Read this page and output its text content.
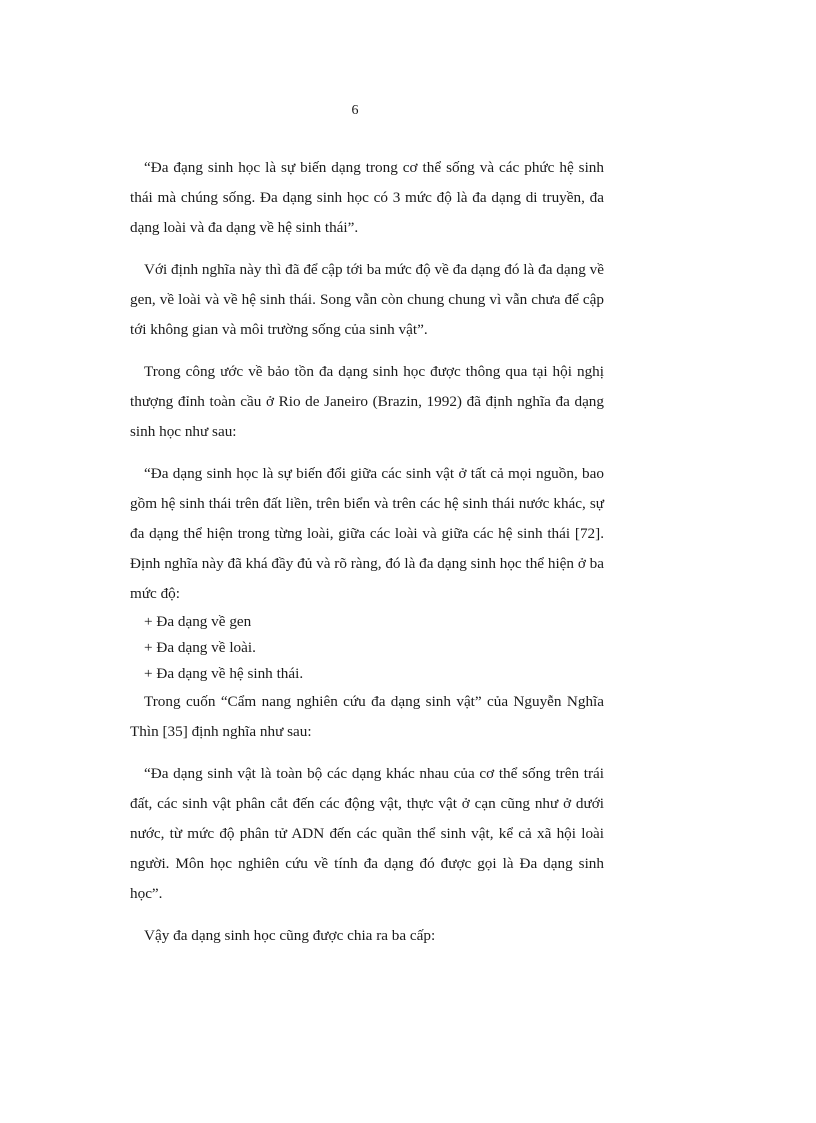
6

“Đa đạng sinh học là sự biến dạng trong cơ thể sống và các phức hệ sinh thái mà chúng sống. Đa dạng sinh học có 3 mức độ là đa dạng di truyền, đa dạng loài và đa dạng về hệ sinh thái”.

Với định nghĩa này thì đã để cập tới ba mức độ về đa dạng đó là đa dạng về gen, về loài và về hệ sinh thái. Song vẫn còn chung chung vì vẫn chưa để cập tới không gian và môi trường sống của sinh vật”.

Trong công ước về bảo tồn đa dạng sinh học được thông qua tại hội nghị thượng đỉnh toàn cầu ở Rio de Janeiro (Brazin, 1992) đã định nghĩa đa dạng sinh học như sau:

“Đa dạng sinh học là sự biến đổi giữa các sinh vật ở tất cả mọi nguồn, bao gồm hệ sinh thái trên đất liền, trên biển và trên các hệ sinh thái nước khác, sự đa dạng thể hiện trong từng loài, giữa các loài và giữa các hệ sinh thái [72]. Định nghĩa này đã khá đầy đủ và rõ ràng, đó là đa dạng sinh học thể hiện ở ba mức độ:

+ Đa dạng về gen
+ Đa dạng về loài.
+ Đa dạng về hệ sinh thái.

Trong cuốn “Cẩm nang nghiên cứu đa dạng sinh vật” của Nguyễn Nghĩa Thìn [35] định nghĩa như sau:

“Đa dạng sinh vật là toàn bộ các dạng khác nhau của cơ thể sống trên trái đất, các sinh vật phân cắt đến các động vật, thực vật ở cạn cũng như ở dưới nước, từ mức độ phân tử ADN đến các quần thể sinh vật, kể cả xã hội loài người. Môn học nghiên cứu về tính đa dạng đó được gọi là Đa dạng sinh học”.

Vậy đa dạng sinh học cũng được chia ra ba cấp:
